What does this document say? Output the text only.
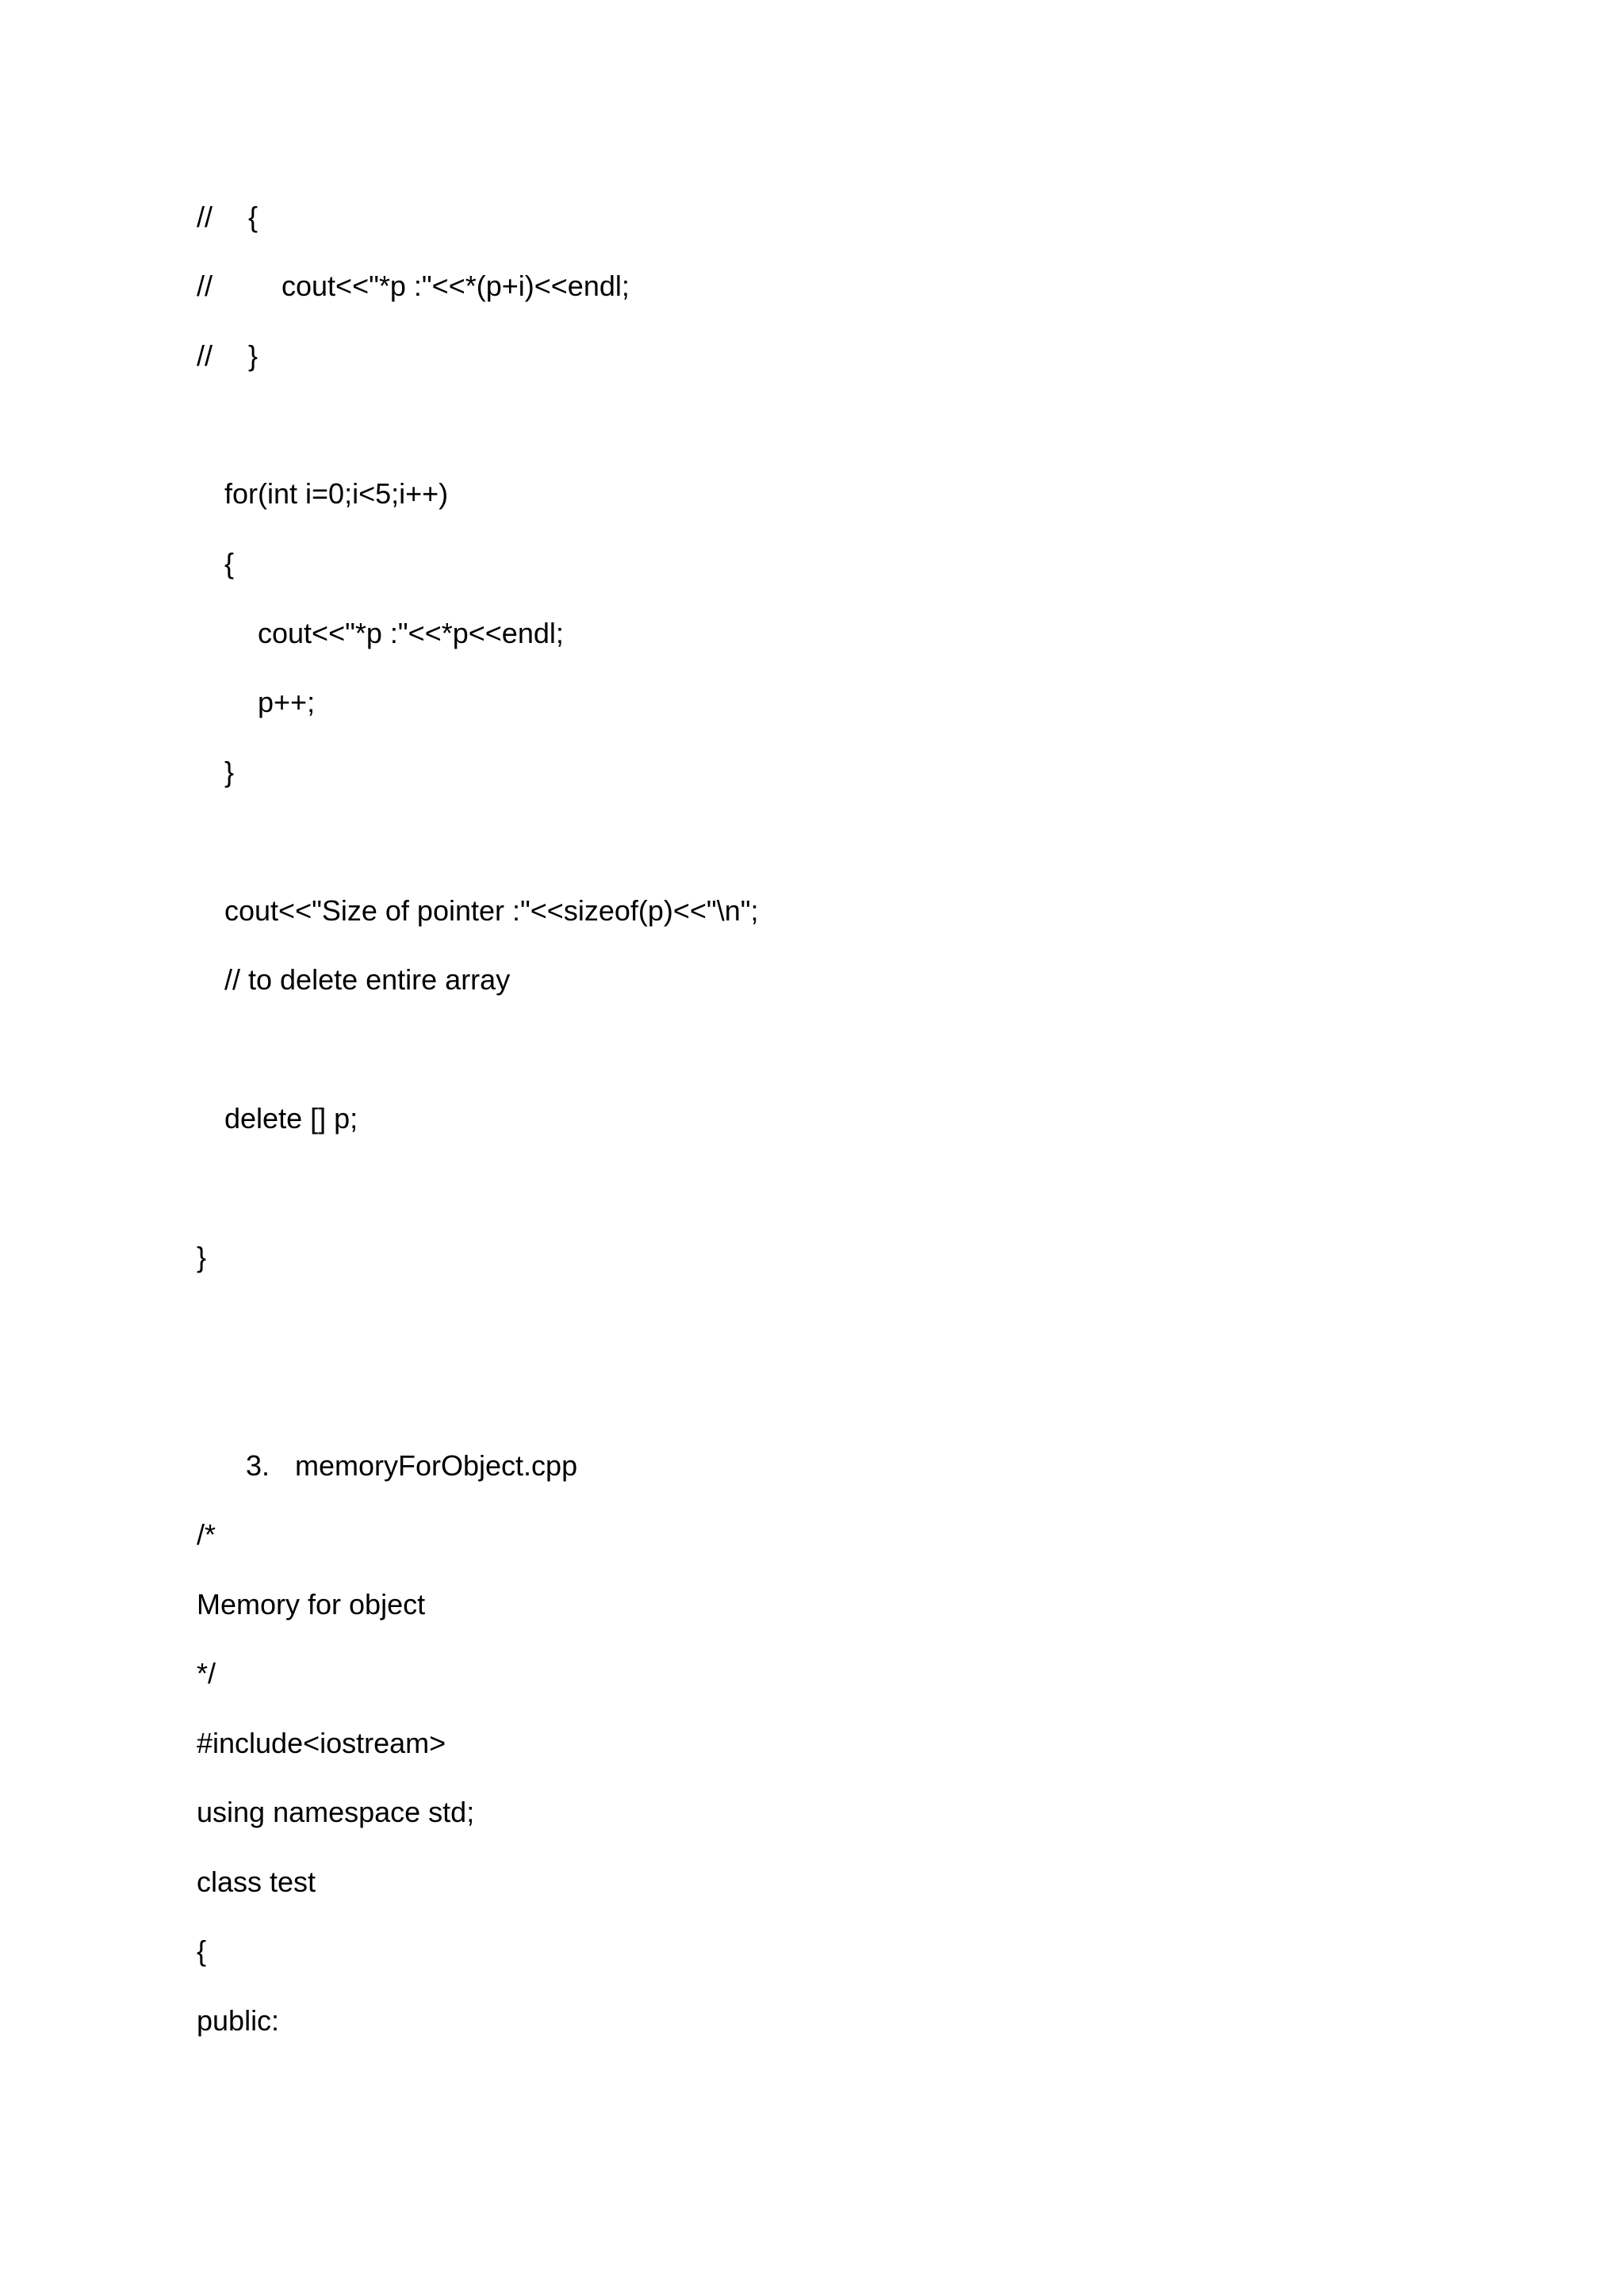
// {
// cout<<"*p :"<<*(p+i)<<endl;
// }
for(int i=0;i<5;i++)
{
cout<<"*p :"<<*p<<endl;
p++;
}
cout<<"Size of pointer :"<<sizeof(p)<<"\n";
// to delete entire array
delete [] p;
}
3. memoryForObject.cpp
/*
Memory for object
*/
#include<iostream>
using namespace std;
class test
{
public:
